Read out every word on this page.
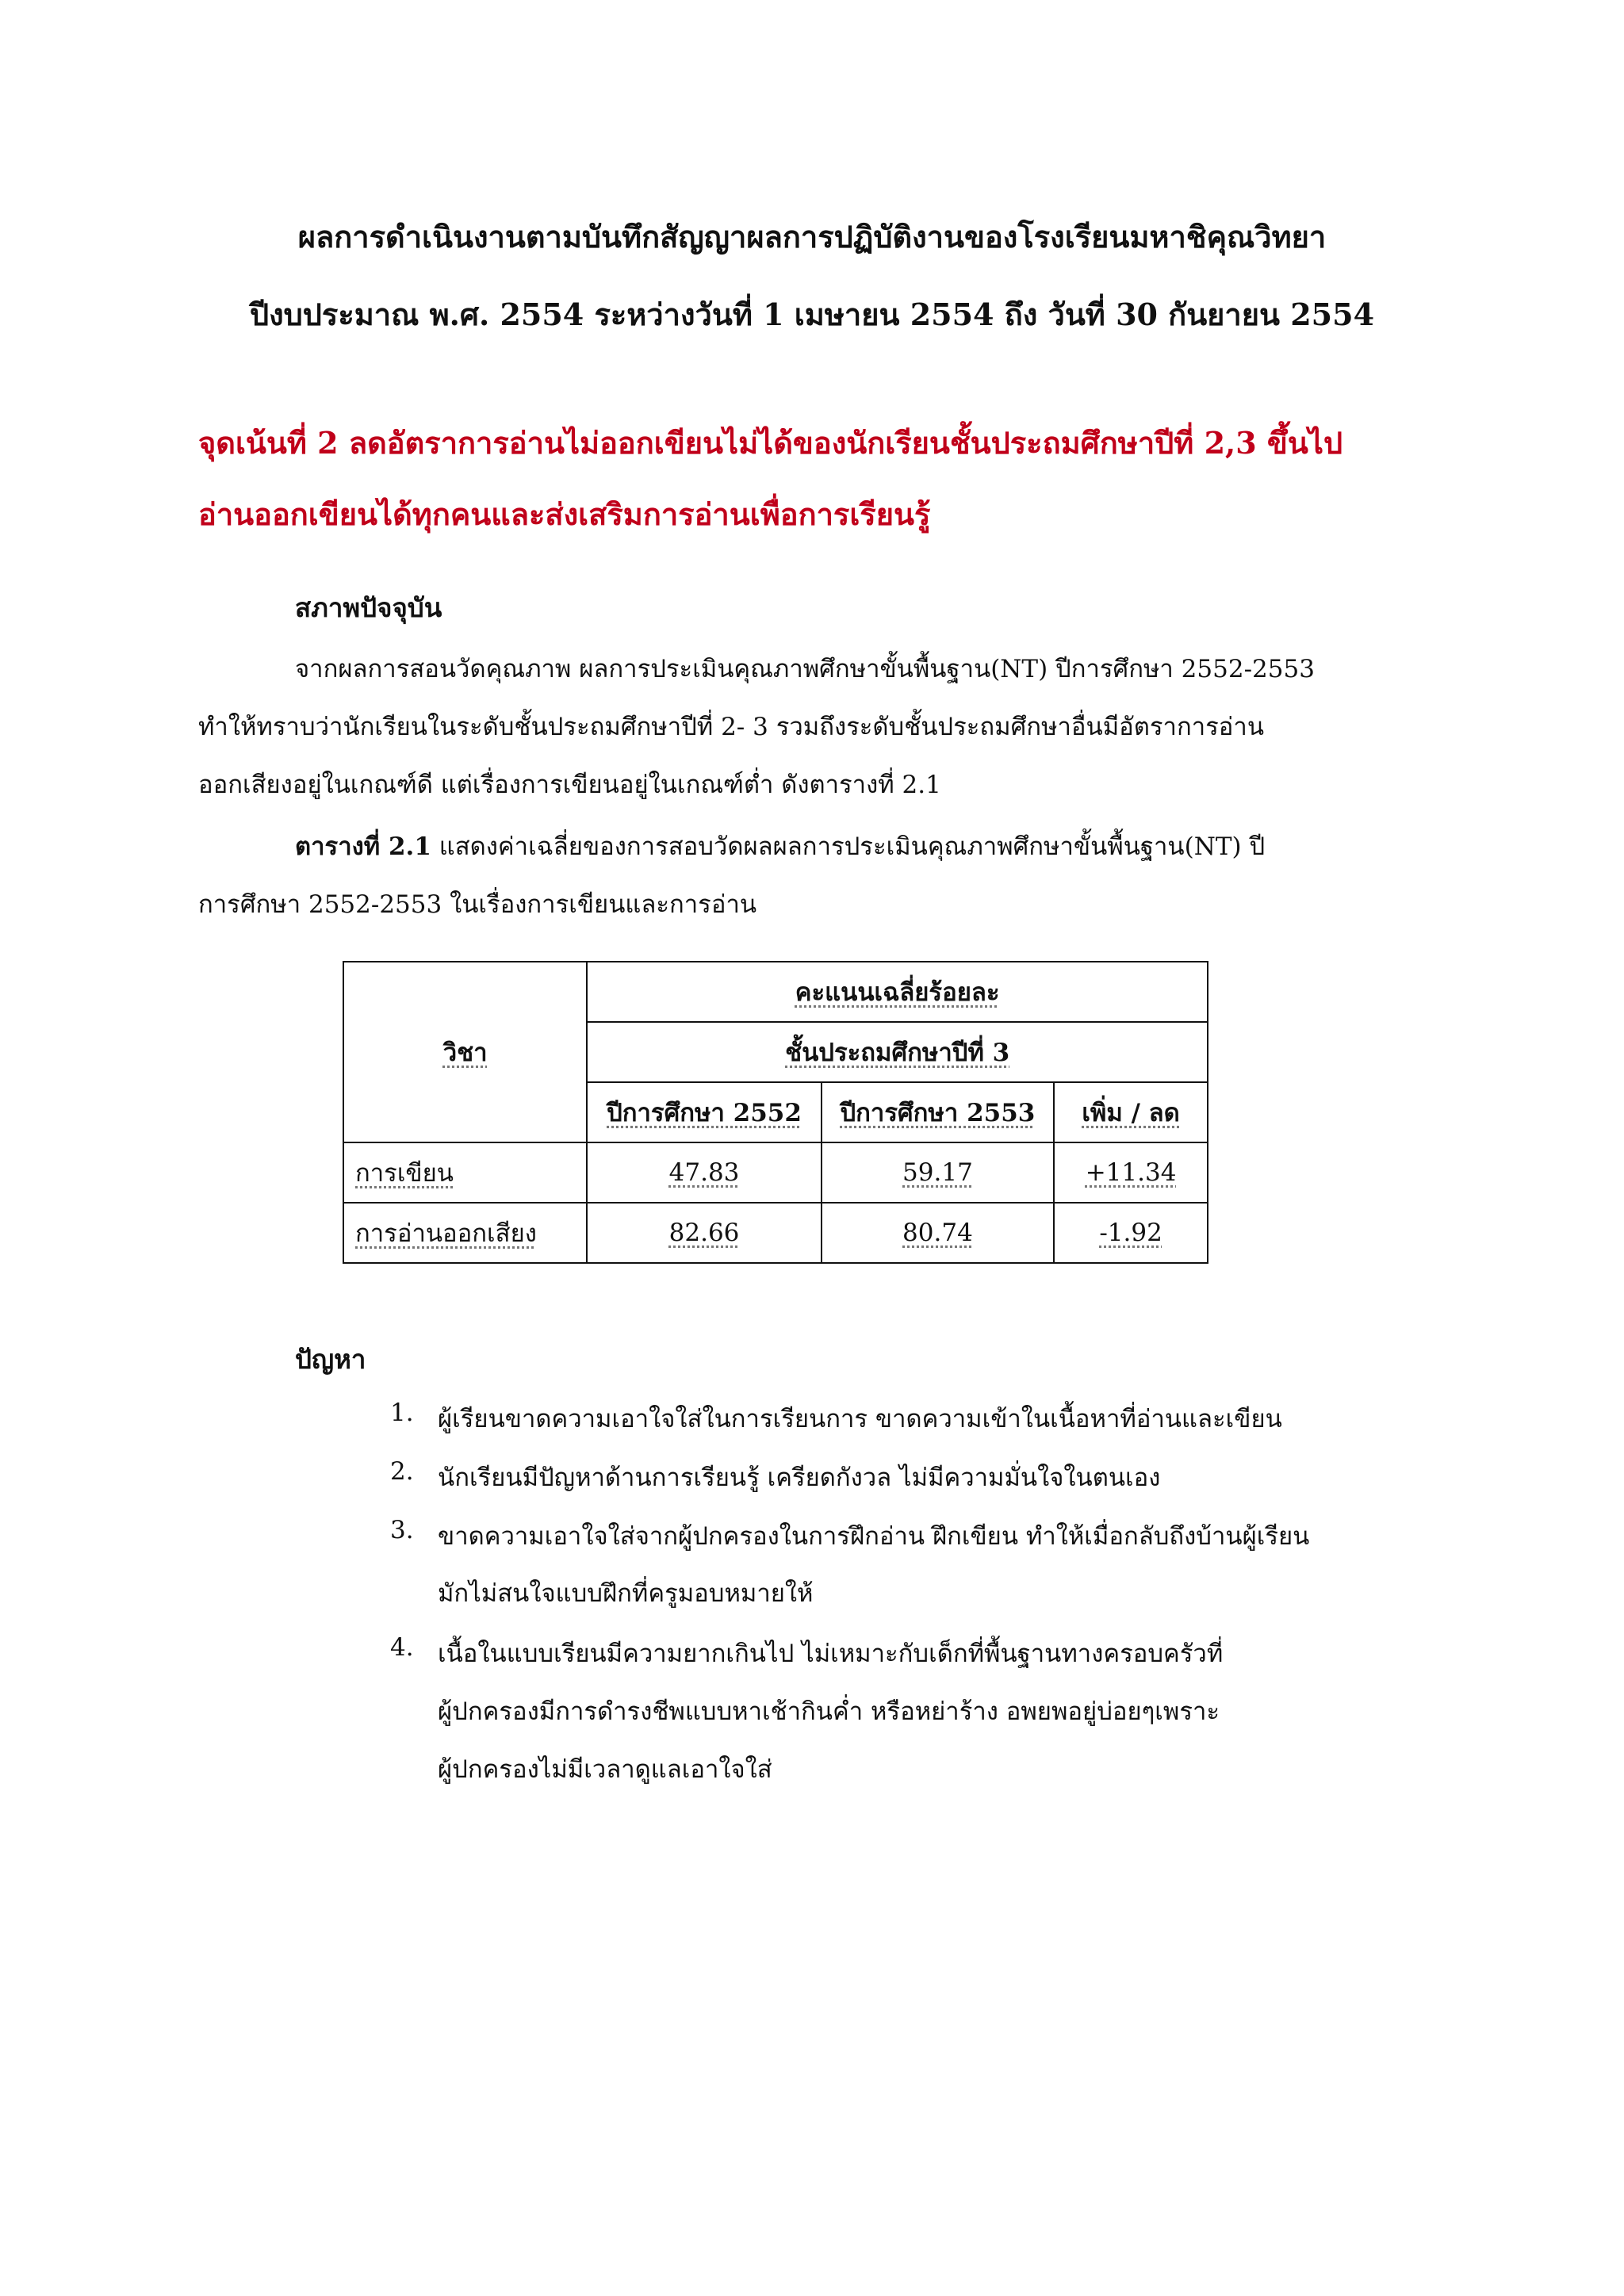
ผลการดำเนินงานตามบันทึกสัญญาผลการปฏิบัติงานของโรงเรียนมหาชิคุณวิทยา
ปีงบประมาณ พ.ศ. 2554 ระหว่างวันที่ 1 เมษายน 2554 ถึง วันที่ 30 กันยายน 2554
จุดเน้นที่ 2 ลดอัตราการอ่านไม่ออกเขียนไม่ได้ของนักเรียนชั้นประถมศึกษาปีที่ 2,3 ขึ้นไป
อ่านออกเขียนได้ทุกคนและส่งเสริมการอ่านเพื่อการเรียนรู้
สภาพปัจจุบัน
จากผลการสอนวัดคุณภาพ ผลการประเมินคุณภาพศึกษาขั้นพื้นฐาน(NT) ปีการศึกษา 2552-2553
ทำให้ทราบว่านักเรียนในระดับชั้นประถมศึกษาปีที่ 2- 3 รวมถึงระดับชั้นประถมศึกษาอื่นมีอัตราการอ่าน
ออกเสียงอยู่ในเกณฑ์ดี แต่เรื่องการเขียนอยู่ในเกณฑ์ต่ำ ดังตารางที่ 2.1
ตารางที่ 2.1 แสดงค่าเฉลี่ยของการสอบวัดผลผลการประเมินคุณภาพศึกษาขั้นพื้นฐาน(NT) ปี
การศึกษา 2552-2553 ในเรื่องการเขียนและการอ่าน
วิชา	คะแนนเฉลี่ยร้อยละ		
	ชั้นประถมศึกษาปีที่ 3		
	ปีการศึกษา 2552	ปีการศึกษา 2553	เพิ่ม / ลด
การเขียน	47.83	59.17	+11.34
การอ่านออกเสียง	82.66	80.74	-1.92
ปัญหา
1. ผู้เรียนขาดความเอาใจใส่ในการเรียนการ ขาดความเข้าในเนื้อหาที่อ่านและเขียน
2. นักเรียนมีปัญหาด้านการเรียนรู้ เครียดกังวล ไม่มีความมั่นใจในตนเอง
3. ขาดความเอาใจใส่จากผู้ปกครองในการฝึกอ่าน ฝึกเขียน ทำให้เมื่อกลับถึงบ้านผู้เรียน
มักไม่สนใจแบบฝึกที่ครูมอบหมายให้
4. เนื้อในแบบเรียนมีความยากเกินไป ไม่เหมาะกับเด็กที่พื้นฐานทางครอบครัวที่
ผู้ปกครองมีการดำรงชีพแบบหาเช้ากินค่ำ หรือหย่าร้าง อพยพอยู่บ่อยๆเพราะ
ผู้ปกครองไม่มีเวลาดูแลเอาใจใส่
